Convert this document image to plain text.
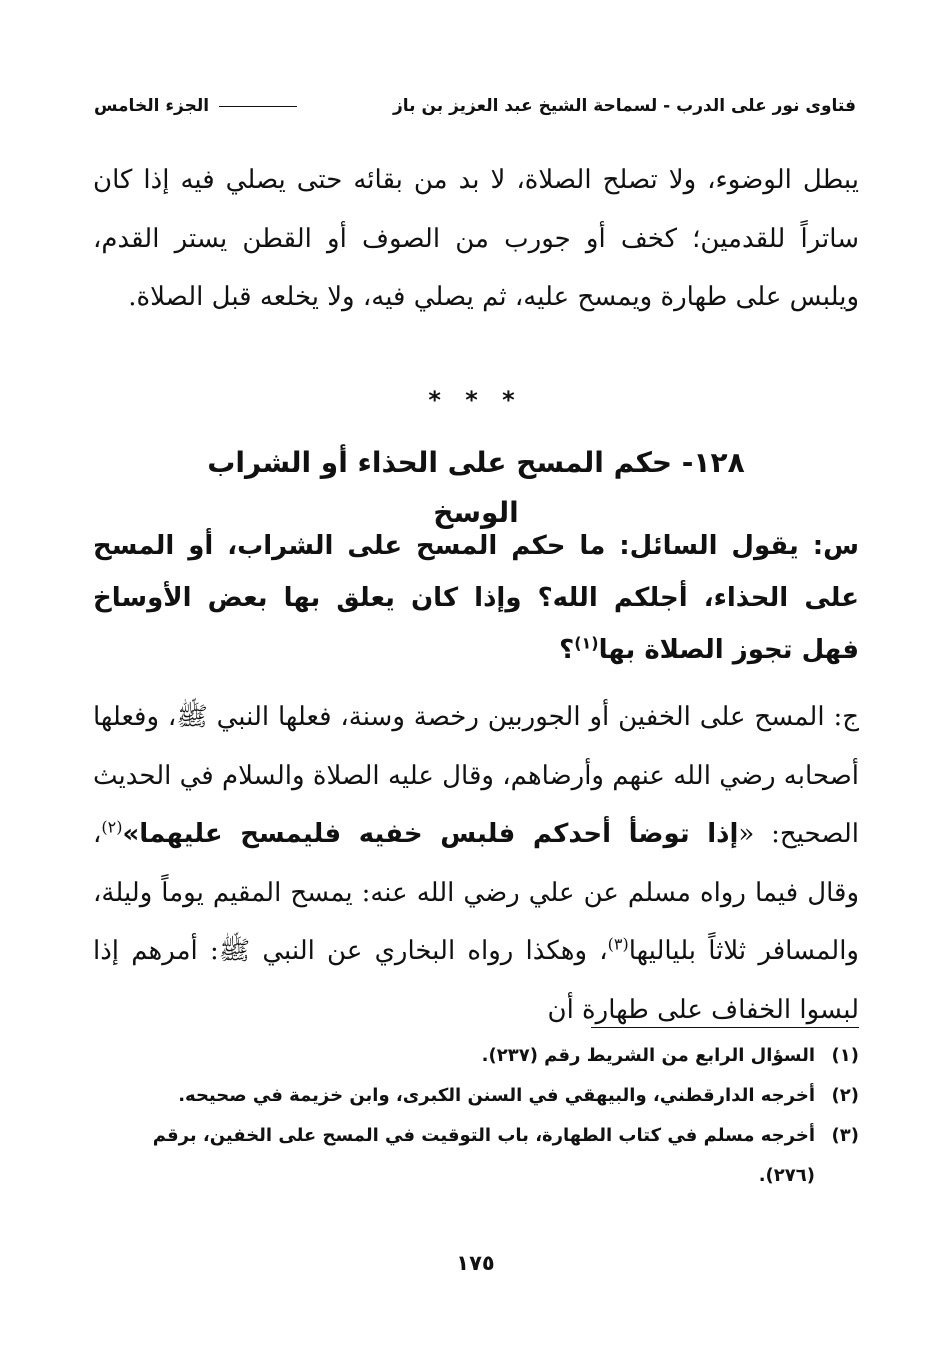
فتاوى نور على الدرب - لسماحة الشيخ عبد العزيز بن باز
الجزء الخامس
يبطل الوضوء، ولا تصلح الصلاة، لا بد من بقائه حتى يصلي فيه إذا كان ساتراً للقدمين؛ كخف أو جورب من الصوف أو القطن يستر القدم، ويلبس على طهارة ويمسح عليه، ثم يصلي فيه، ولا يخلعه قبل الصلاة.
* * *
١٢٨- حكم المسح على الحذاء أو الشراب الوسخ
س: يقول السائل: ما حكم المسح على الشراب، أو المسح على الحذاء، أجلكم الله؟ وإذا كان يعلق بها بعض الأوساخ فهل تجوز الصلاة بها$^{(١)}$؟
ج: المسح على الخفين أو الجوربين رخصة وسنة، فعلها النبي ﷺ، وفعلها أصحابه رضي الله عنهم وأرضاهم، وقال عليه الصلاة والسلام في الحديث الصحيح: «إذا توضأ أحدكم فلبس خفيه فليمسح عليهما»$^{(٢)}$، وقال فيما رواه مسلم عن علي رضي الله عنه: يمسح المقيم يوماً وليلة، والمسافر ثلاثاً بلياليها$^{(٣)}$، وهكذا رواه البخاري عن النبي ﷺ: أمرهم إذا لبسوا الخفاف على طهارة أن
(١)
السؤال الرابع من الشريط رقم (٢٣٧).
(٢)
أخرجه الدارقطني، والبيهقي في السنن الكبرى، وابن خزيمة في صحيحه.
(٣)
أخرجه مسلم في كتاب الطهارة، باب التوقيت في المسح على الخفين، برقم (٢٧٦).
١٧٥
